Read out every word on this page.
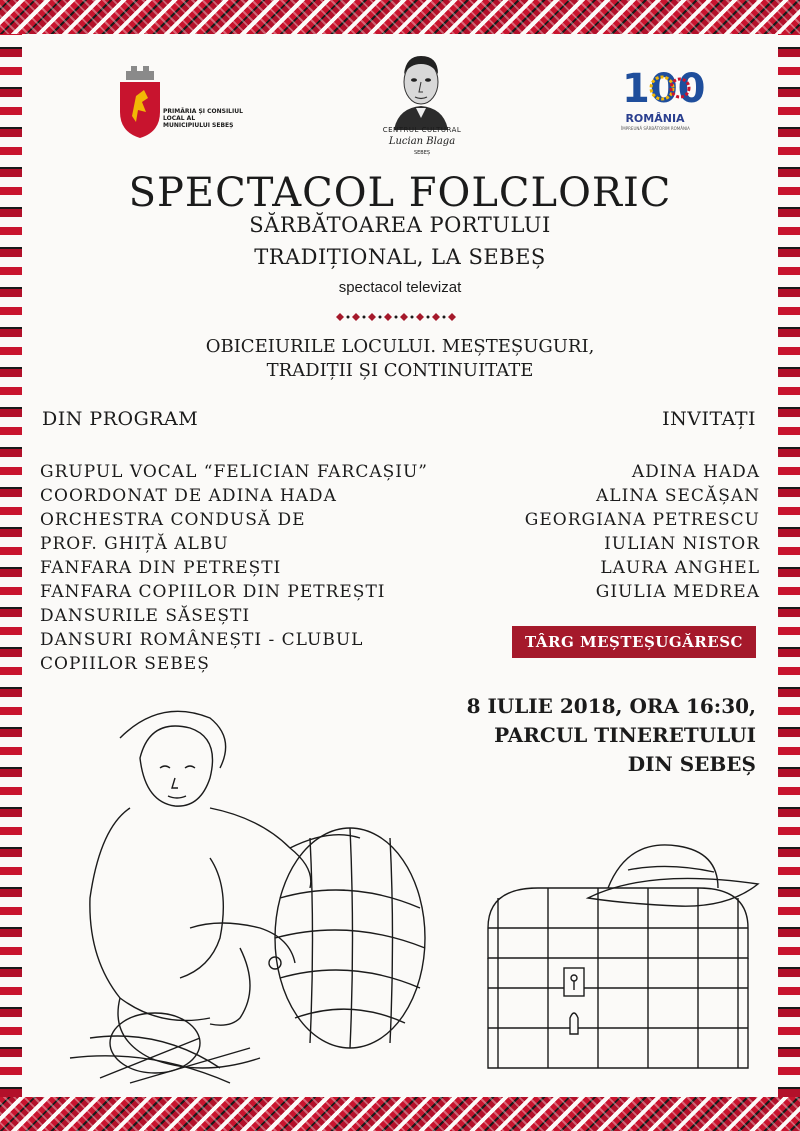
PRIMĂRIA ȘI CONSILIUL LOCAL AL MUNICIPIULUI SEBEȘ
CENTRUL CULTURAL
Lucian Blaga
SEBEȘ
100
ROMÂNIA
ÎMPREUNĂ SĂRBĂTORIM ROMÂNIA
SPECTACOL FOLCLORIC
SĂRBĂTOAREA PORTULUI
TRADIȚIONAL, LA SEBEȘ
spectacol televizat
OBICEIURILE LOCULUI. MEȘTEȘUGURI,
TRADIȚII ȘI CONTINUITATE
DIN PROGRAM
GRUPUL VOCAL “FELICIAN FARCAȘIU”
COORDONAT DE ADINA HADA
ORCHESTRA CONDUSĂ DE
PROF. GHIȚĂ ALBU
FANFARA DIN PETREȘTI
FANFARA COPIILOR DIN PETREȘTI
DANSURILE SĂSEȘTI
DANSURI ROMÂNEȘTI - CLUBUL
COPIILOR SEBEȘ
INVITAȚI
ADINA HADA
ALINA SECĂȘAN
GEORGIANA PETRESCU
IULIAN NISTOR
LAURA ANGHEL
GIULIA MEDREA
TÂRG MEȘTEȘUGĂRESC
8 IULIE 2018, ORA 16:30,
PARCUL TINERETULUI
DIN SEBEȘ
